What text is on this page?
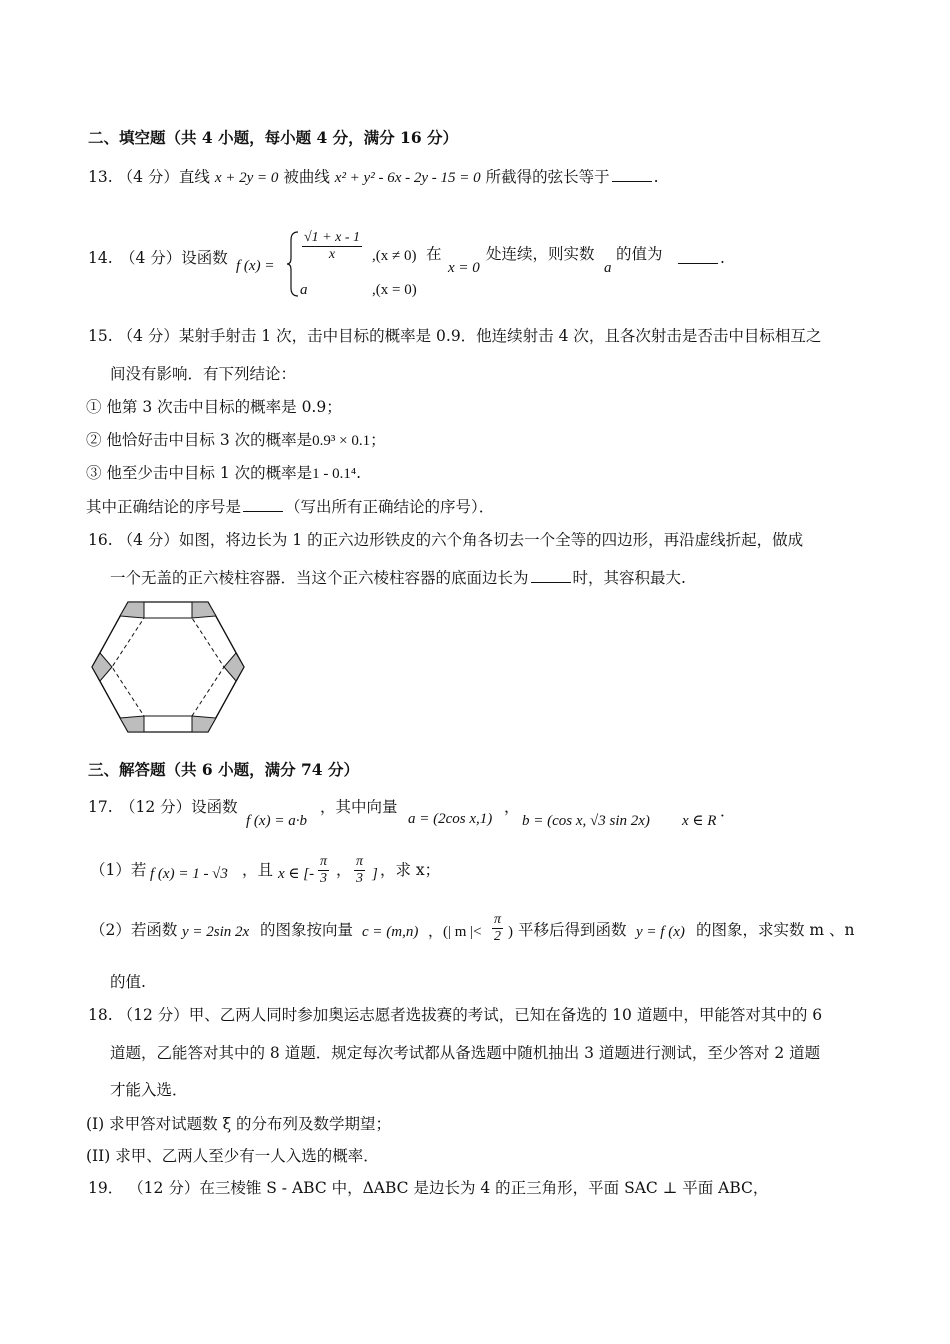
二、填空题（共 4 小题，每小题 4 分，满分 16 分）
13. （4 分）直线 x + 2y = 0 被曲线 x² + y² - 6x - 2y - 15 = 0 所截得的弦长等于	.
14. （4 分）设函数 f (x) =
$\frac{√1 + x - 1}{x} ,(x \ne 0)$
a	,(x = 0)
在
x = 0
处连续，则实数
a
的值为	.
15. （4 分）某射手射击 1 次，击中目标的概率是 0.9．他连续射击 4 次，且各次射击是否击中目标相互之
间没有影响．有下列结论：
① 他第 3 次击中目标的概率是 0.9；
② 他恰好击中目标 3 次的概率是0.9³ × 0.1；
③ 他至少击中目标 1 次的概率是1 - 0.1⁴.
其中正确结论的序号是	（写出所有正确结论的序号）．
16. （4 分）如图，将边长为 1 的正六边形铁皮的六个角各切去一个全等的四边形，再沿虚线折起，做成
一个无盖的正六棱柱容器．当这个正六棱柱容器的底面边长为	时，其容积最大.
三、解答题（共 6 小题，满分 74 分）
17. （12 分）设函数
f (x) = a·b
，其中向量
a = (2cos x,1)
，
b = (cos x, √3 sin 2x) x ∈ R
．
（1）若 f (x) = 1 - √3 ，且 x ∈ [- $\frac{\pi}{3}$ ， $\frac{\pi}{3}$ ] ，求 x；
（2）若函数 y = 2sin 2x 的图象按向量 c = (m,n) ，(| m |< $\frac{\pi}{2}$ ) 平移后得到函数 y = f (x) 的图象，求实数 m 、n
的值.
18. （12 分）甲、乙两人同时参加奥运志愿者选拔赛的考试，已知在备选的 10 道题中，甲能答对其中的 6
道题，乙能答对其中的 8 道题．规定每次考试都从备选题中随机抽出 3 道题进行测试，至少答对 2 道题
才能入选．
(I) 求甲答对试题数 ξ 的分布列及数学期望；
(II) 求甲、乙两人至少有一人入选的概率．
19． （12 分）在三棱锥 S - ABC 中，ΔABC 是边长为 4 的正三角形，平面 SAC ⊥ 平面 ABC，
